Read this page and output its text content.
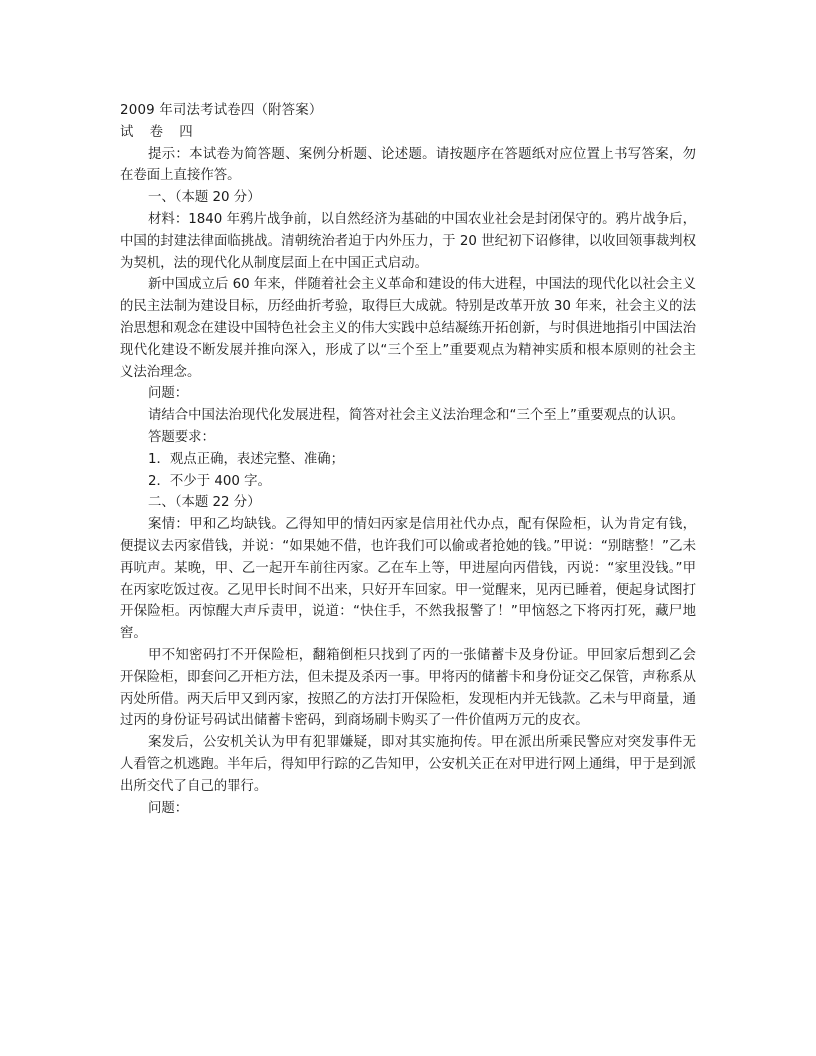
2009 年司法考试卷四（附答案）

试 卷 四

提示：本试卷为简答题、案例分析题、论述题。请按题序在答题纸对应位置上书写答案，勿在卷面上直接作答。

一、（本题 20 分）

材料：1840 年鸦片战争前，以自然经济为基础的中国农业社会是封闭保守的。鸦片战争后，中国的封建法律面临挑战。清朝统治者迫于内外压力，于 20 世纪初下诏修律，以收回领事裁判权为契机，法的现代化从制度层面上在中国正式启动。

新中国成立后 60 年来，伴随着社会主义革命和建设的伟大进程，中国法的现代化以社会主义的民主法制为建设目标，历经曲折考验，取得巨大成就。特别是改革开放 30 年来，社会主义的法治思想和观念在建设中国特色社会主义的伟大实践中总结凝练开拓创新，与时俱进地指引中国法治现代化建设不断发展并推向深入，形成了以“三个至上”重要观点为精神实质和根本原则的社会主义法治理念。

问题：

请结合中国法治现代化发展进程，简答对社会主义法治理念和“三个至上”重要观点的认识。

答题要求：

1．观点正确，表述完整、准确；

2．不少于 400 字。

二、（本题 22 分）

案情：甲和乙均缺钱。乙得知甲的情妇丙家是信用社代办点，配有保险柜，认为肯定有钱，便提议去丙家借钱，并说：“如果她不借，也许我们可以偷或者抢她的钱。”甲说：“别瞎整！”乙未再吭声。某晚，甲、乙一起开车前往丙家。乙在车上等，甲进屋向丙借钱，丙说：“家里没钱。”甲在丙家吃饭过夜。乙见甲长时间不出来，只好开车回家。甲一觉醒来，见丙已睡着，便起身试图打开保险柜。丙惊醒大声斥责甲，说道：“快住手，不然我报警了！”甲恼怒之下将丙打死，藏尸地窖。

甲不知密码打不开保险柜，翻箱倒柜只找到了丙的一张储蓄卡及身份证。甲回家后想到乙会开保险柜，即套问乙开柜方法，但未提及杀丙一事。甲将丙的储蓄卡和身份证交乙保管，声称系从丙处所借。两天后甲又到丙家，按照乙的方法打开保险柜，发现柜内并无钱款。乙未与甲商量，通过丙的身份证号码试出储蓄卡密码，到商场刷卡购买了一件价值两万元的皮衣。

案发后，公安机关认为甲有犯罪嫌疑，即对其实施拘传。甲在派出所乘民警应对突发事件无人看管之机逃跑。半年后，得知甲行踪的乙告知甲，公安机关正在对甲进行网上通缉，甲于是到派出所交代了自己的罪行。

问题：
